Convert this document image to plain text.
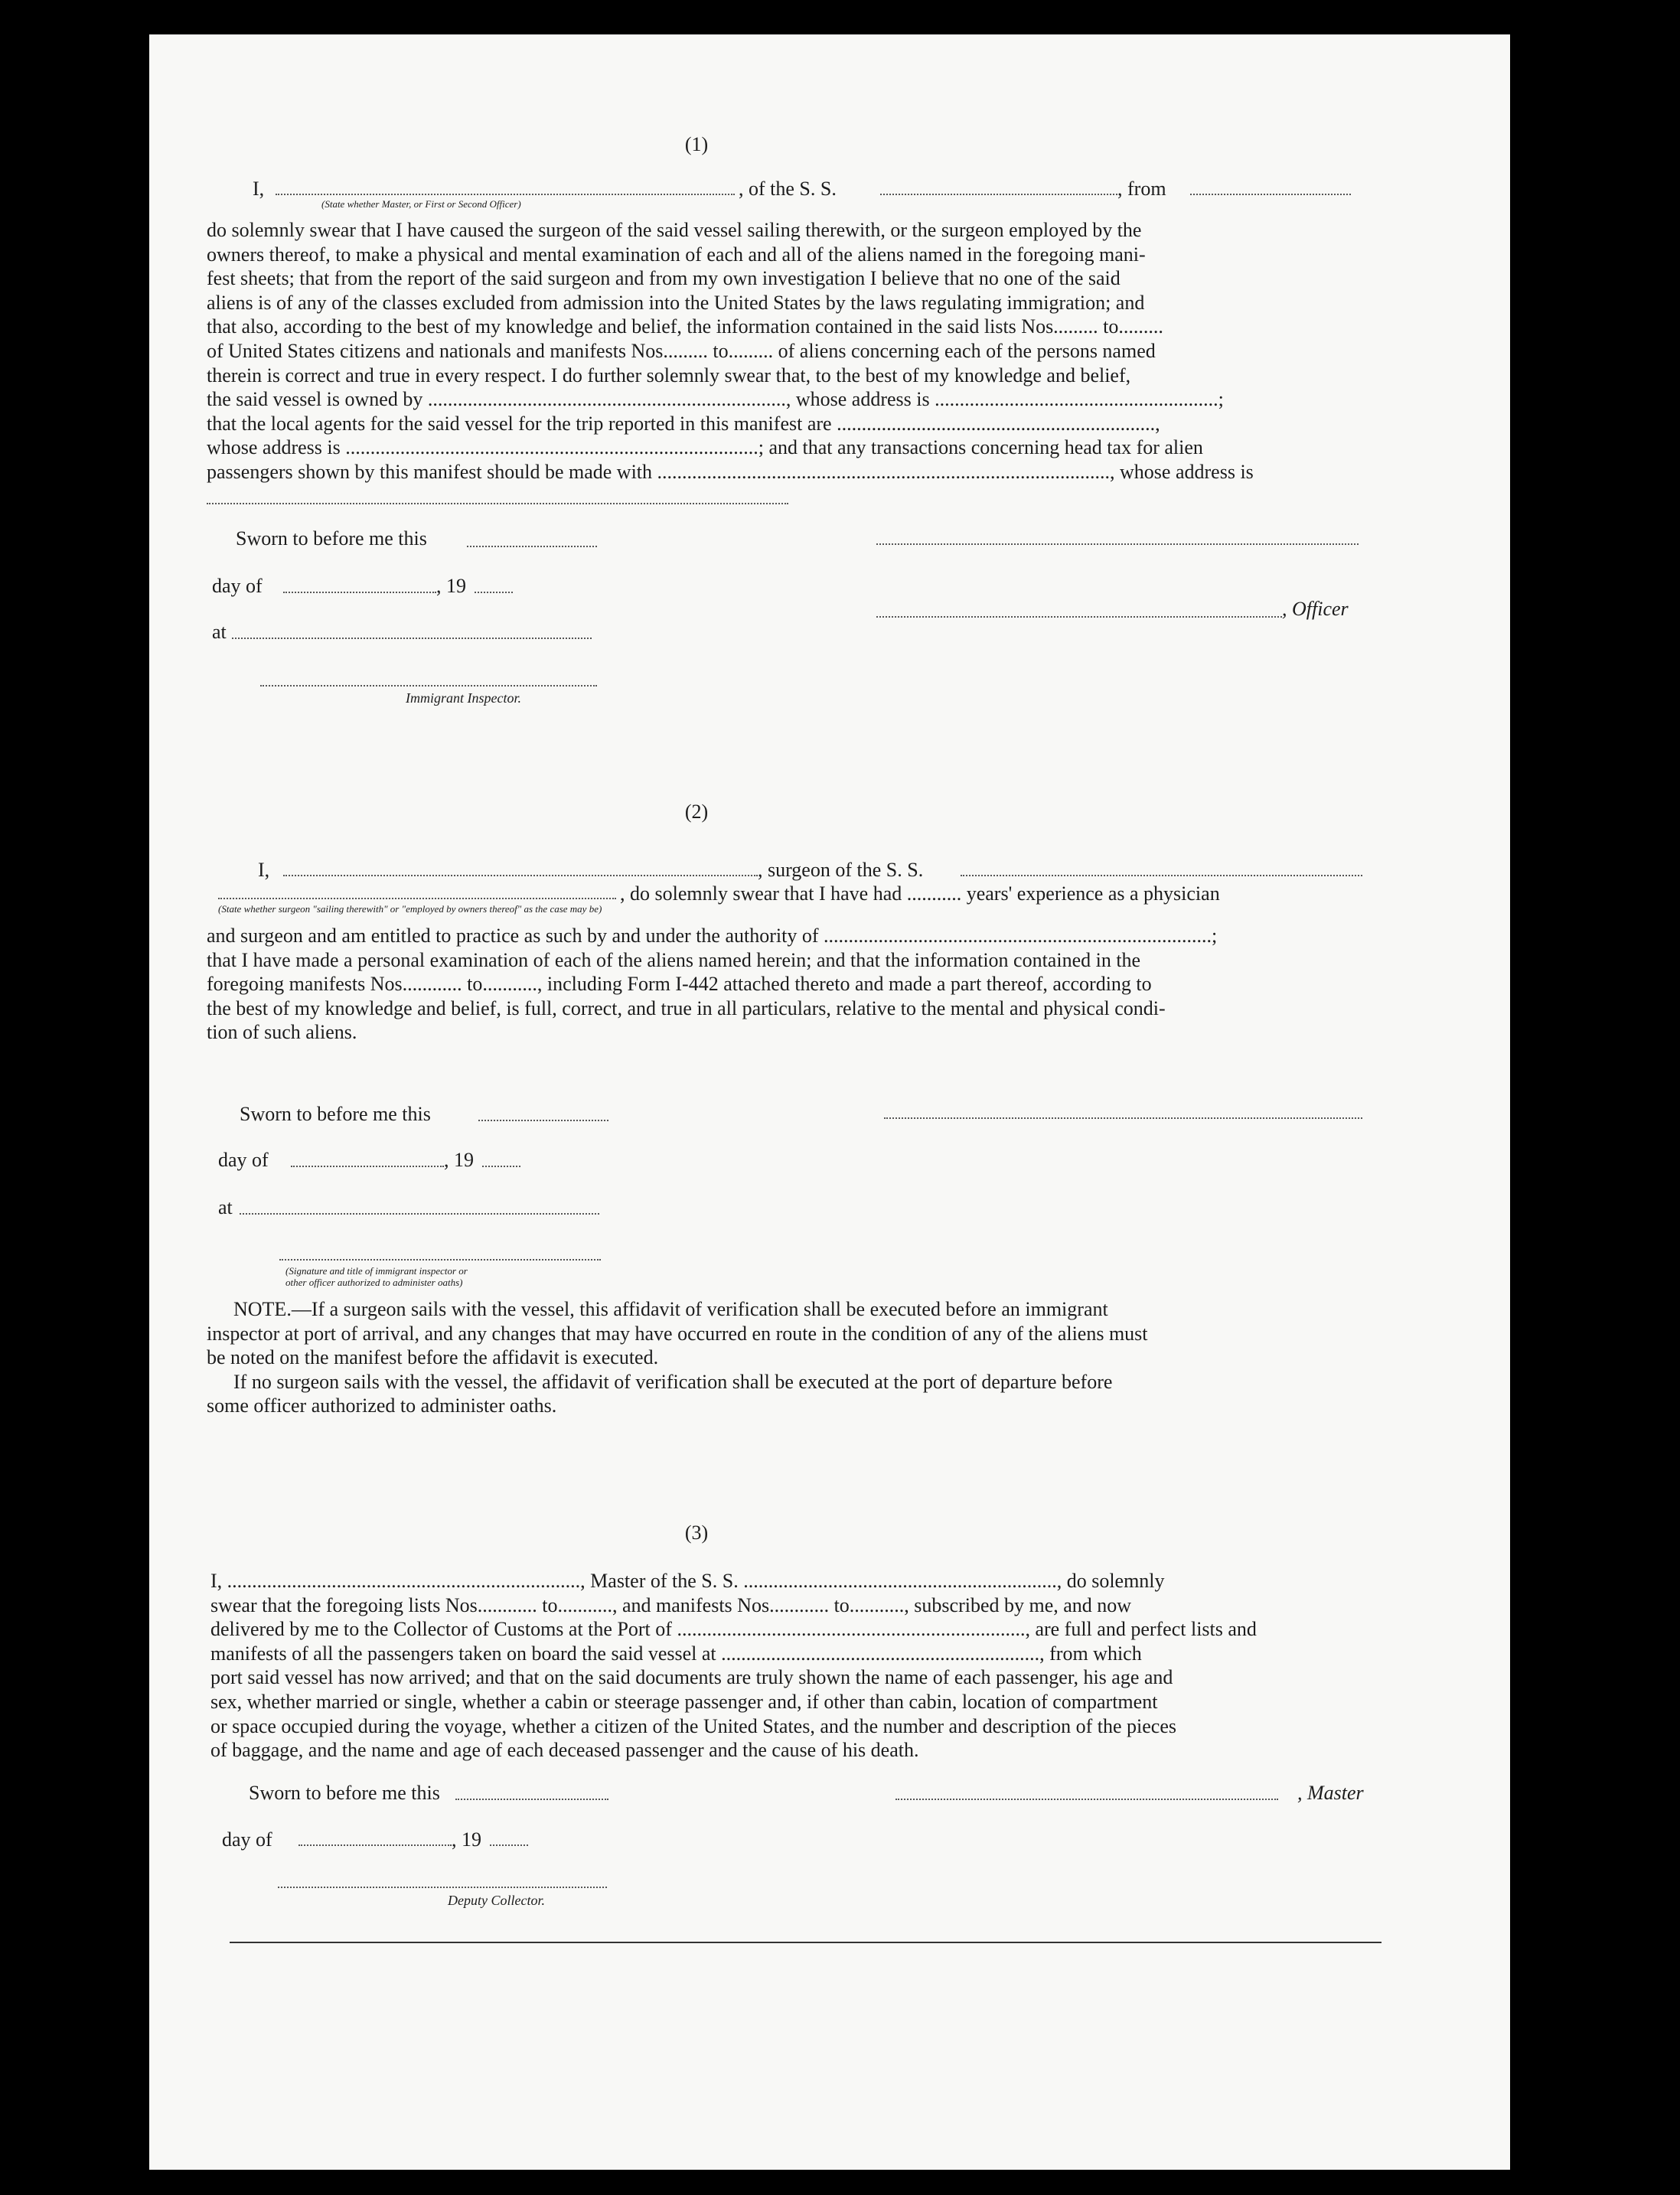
(1)
I,	, of the S. S.	, from
(State whether Master, or First or Second Officer)

do solemnly swear that I have caused the surgeon of the said vessel sailing therewith, or the surgeon employed by the

owners thereof, to make a physical and mental examination of each and all of the aliens named in the foregoing mani-

fest sheets; that from the report of the said surgeon and from my own investigation I believe that no one of the said

aliens is of any of the classes excluded from admission into the United States by the laws regulating immigration; and

that also, according to the best of my knowledge and belief, the information contained in the said lists Nos......... to.........

of United States citizens and nationals and manifests Nos......... to......... of aliens concerning each of the persons named

therein is correct and true in every respect. I do further solemnly swear that, to the best of my knowledge and belief,

the said vessel is owned by ........................................................................, whose address is .........................................................;

that the local agents for the said vessel for the trip reported in this manifest are ................................................................,

whose address is ...................................................................................; and that any transactions concerning head tax for alien

passengers shown by this manifest should be made with ..........................................................................................., whose address is

Sworn to before me this
day of	, 19
, Officer
at
Immigrant Inspector.
(2)
I,	, surgeon of the S. S.
, do solemnly swear that I have had ........... years' experience as a physician
(State whether surgeon "sailing therewith" or "employed by owners thereof" as the case may be)

and surgeon and am entitled to practice as such by and under the authority of ..............................................................................;

that I have made a personal examination of each of the aliens named herein; and that the information contained in the

foregoing manifests Nos............ to..........., including Form I-442 attached thereto and made a part thereof, according to

the best of my knowledge and belief, is full, correct, and true in all particulars, relative to the mental and physical condi-

tion of such aliens.

Sworn to before me this
day of	, 19
at
(Signature and title of immigrant inspector or
other officer authorized to administer oaths)

NOTE.—If a surgeon sails with the vessel, this affidavit of verification shall be executed before an immigrant

inspector at port of arrival, and any changes that may have occurred en route in the condition of any of the aliens must

be noted on the manifest before the affidavit is executed.

If no surgeon sails with the vessel, the affidavit of verification shall be executed at the port of departure before

some officer authorized to administer oaths.

(3)

I, ......................................................................., Master of the S. S. ..............................................................., do solemnly

swear that the foregoing lists Nos............ to..........., and manifests Nos............ to..........., subscribed by me, and now

delivered by me to the Collector of Customs at the Port of ......................................................................, are full and perfect lists and

manifests of all the passengers taken on board the said vessel at ................................................................, from which

port said vessel has now arrived; and that on the said documents are truly shown the name of each passenger, his age and

sex, whether married or single, whether a cabin or steerage passenger and, if other than cabin, location of compartment

or space occupied during the voyage, whether a citizen of the United States, and the number and description of the pieces

of baggage, and the name and age of each deceased passenger and the cause of his death.

Sworn to before me this	, Master
day of	, 19
Deputy Collector.
